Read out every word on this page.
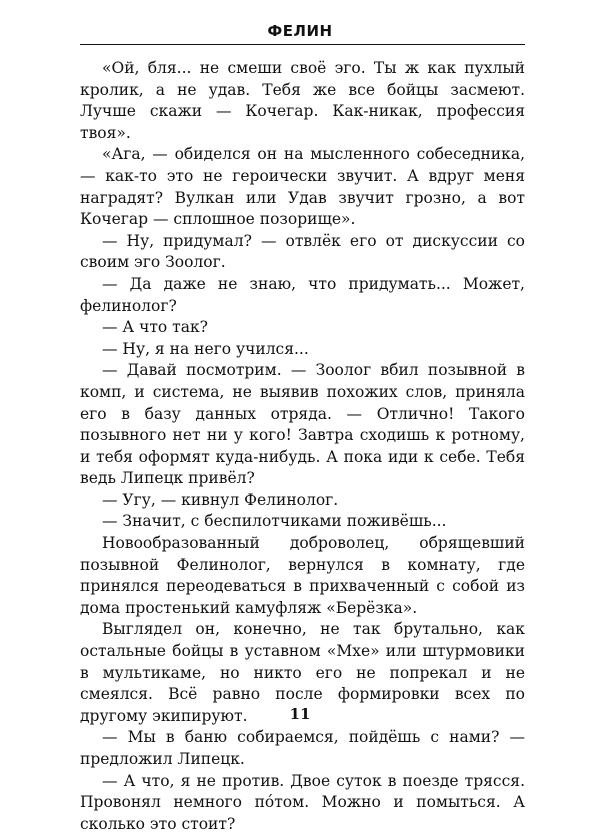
ФЕЛИН

«Ой, бля... не смеши своё эго. Ты ж как пухлый кролик, а не удав. Тебя же все бойцы засмеют. Лучше скажи — Кочегар. Как-никак, профессия твоя».

«Ага, — обиделся он на мысленного собеседника, — как-то это не героически звучит. А вдруг меня наградят? Вулкан или Удав звучит грозно, а вот Кочегар — сплошное позорище».

— Ну, придумал? — отвлёк его от дискуссии со своим эго Зоолог.

— Да даже не знаю, что придумать... Может, фелинолог?

— А что так?

— Ну, я на него учился...

— Давай посмотрим. — Зоолог вбил позывной в комп, и система, не выявив похожих слов, приняла его в базу данных отряда. — Отлично! Такого позывного нет ни у кого! Завтра сходишь к ротному, и тебя оформят куда-нибудь. А пока иди к себе. Тебя ведь Липецк привёл?

— Угу, — кивнул Фелинолог.

— Значит, с беспилотчиками поживёшь...

Новообразованный доброволец, обрящевший позывной Фелинолог, вернулся в комнату, где принялся переодеваться в прихваченный с собой из дома простенький камуфляж «Берёзка».

Выглядел он, конечно, не так брутально, как остальные бойцы в уставном «Мхе» или штурмовики в мультикаме, но никто его не попрекал и не смеялся. Всё равно после формировки всех по другому экипируют.

— Мы в баню собираемся, пойдёшь с нами? — предложил Липецк.

— А что, я не против. Двое суток в поезде трясся. Провонял немного пóтом. Можно и помыться. А сколько это стоит?

11
